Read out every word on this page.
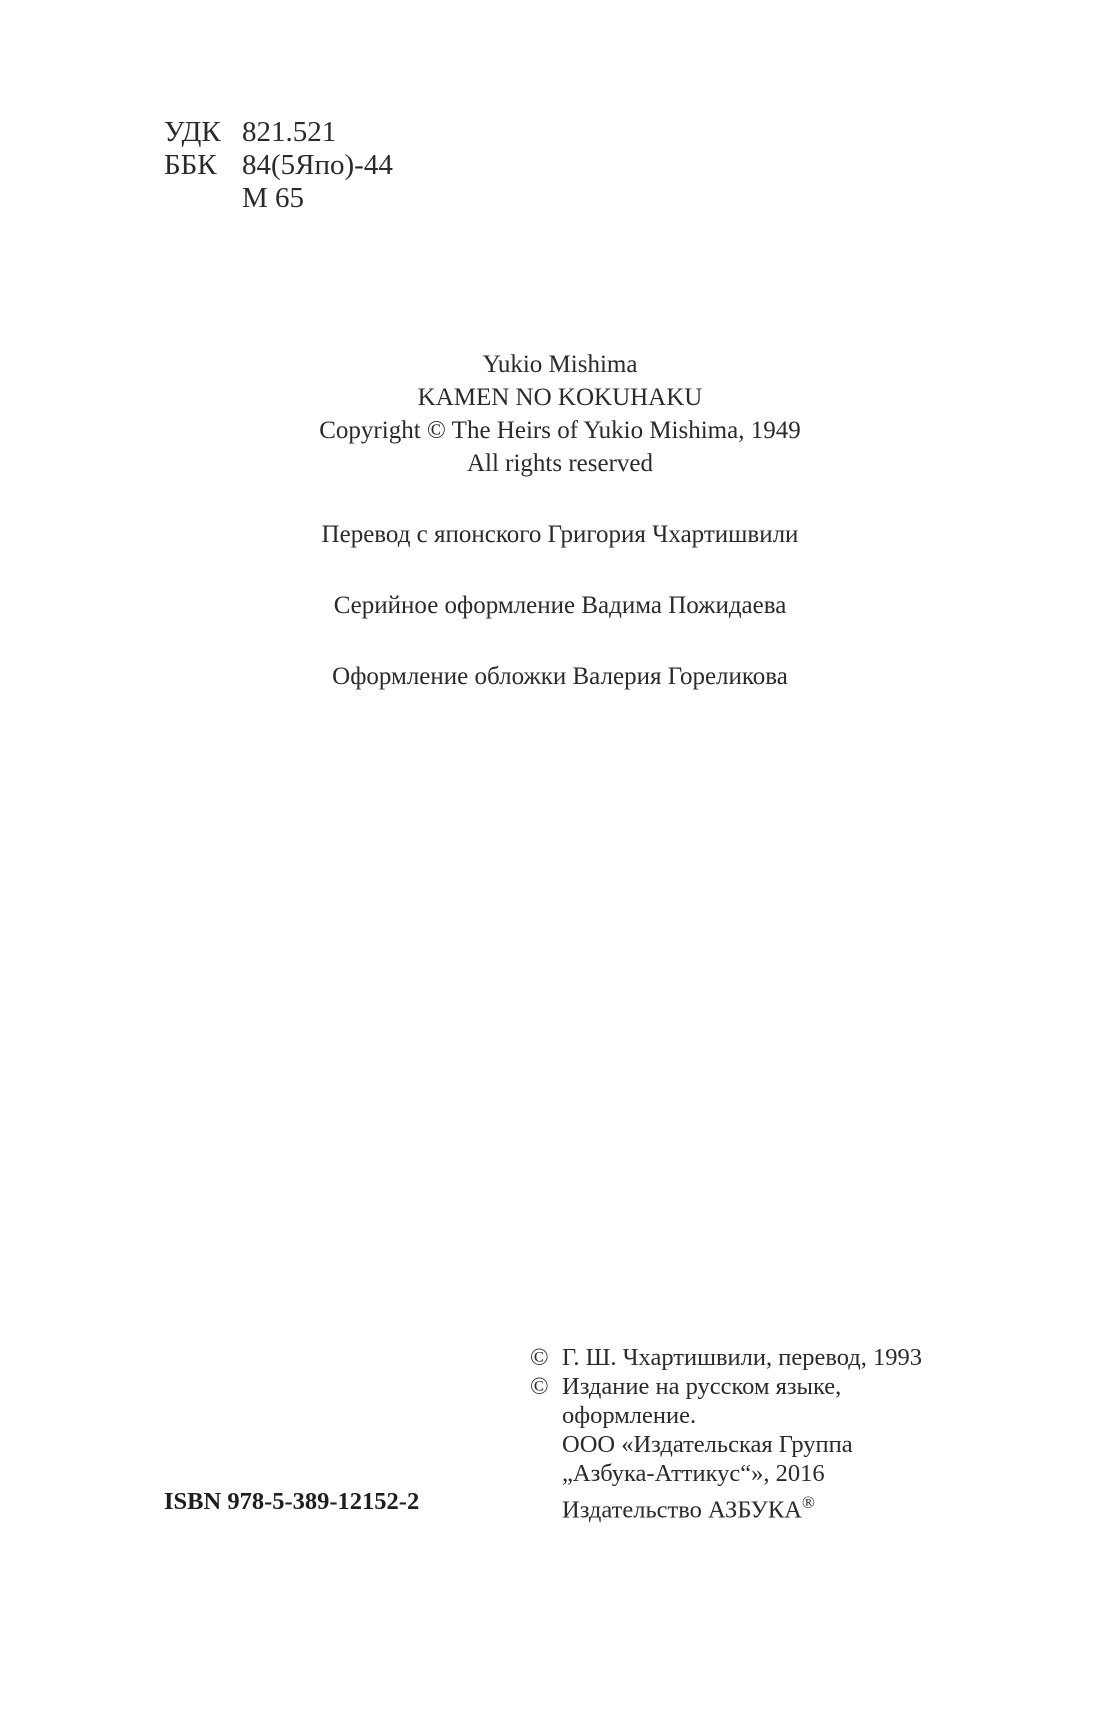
УДК 821.521
ББК 84(5Япо)-44
М 65
Yukio Mishima
KAMEN NO KOKUHAKU
Copyright © The Heirs of Yukio Mishima, 1949
All rights reserved
Перевод с японского Григория Чхартишвили
Серийное оформление Вадима Пожидаева
Оформление обложки Валерия Гореликова
© Г. Ш. Чхартишвили, перевод, 1993
© Издание на русском языке,
оформление.
ООО «Издательская Группа
„Азбука-Аттикус“», 2016
Издательство АЗБУКА®
ISBN 978-5-389-12152-2
